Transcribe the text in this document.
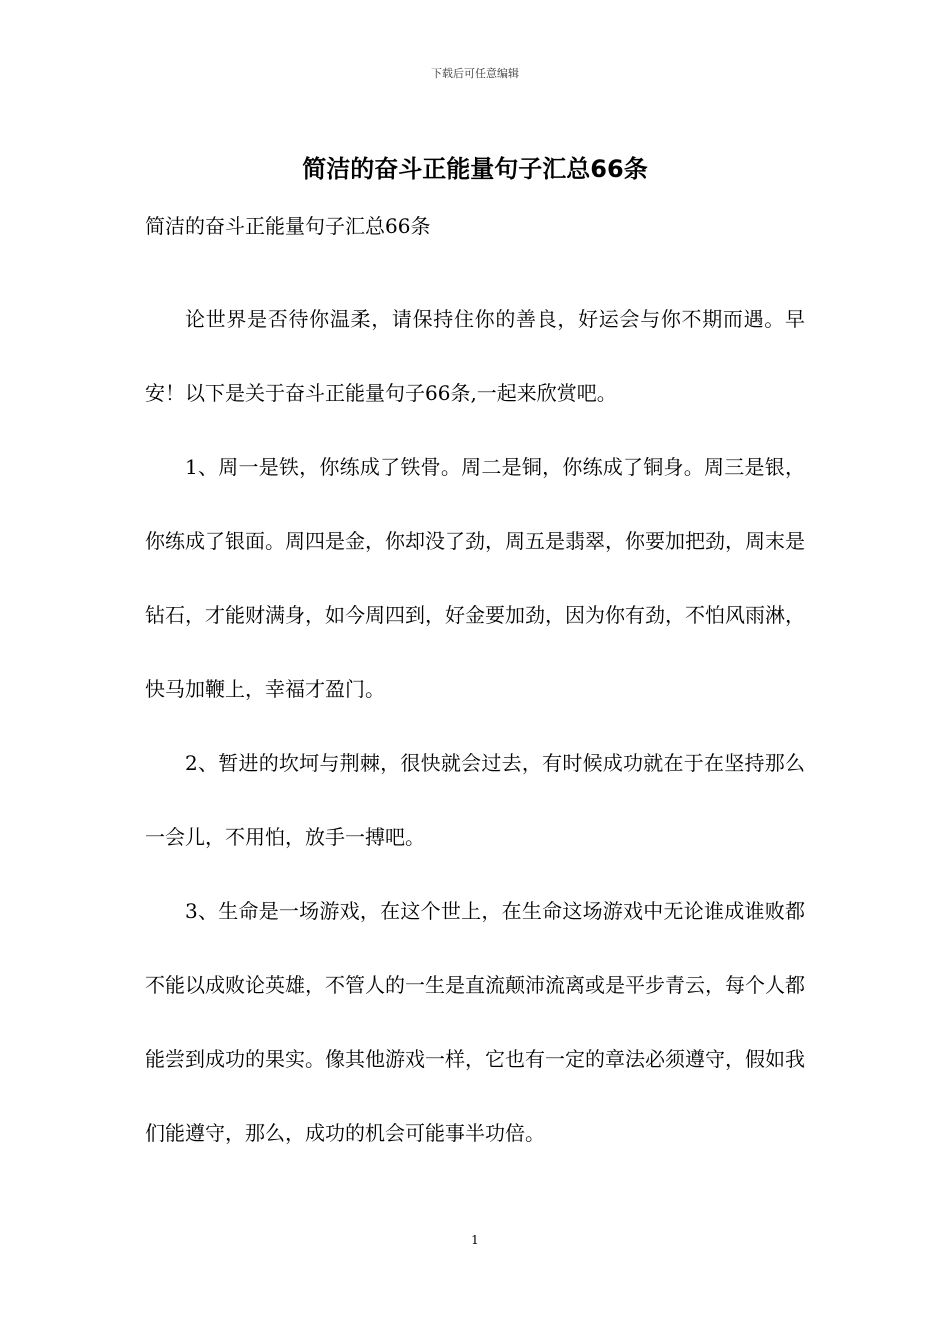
下载后可任意编辑
简洁的奋斗正能量句子汇总66条
简洁的奋斗正能量句子汇总66条

论世界是否待你温柔，请保持住你的善良，好运会与你不期而遇。早安！以下是关于奋斗正能量句子66条,一起来欣赏吧。

1、周一是铁，你练成了铁骨。周二是铜，你练成了铜身。周三是银，你练成了银面。周四是金，你却没了劲，周五是翡翠，你要加把劲，周末是钻石，才能财满身，如今周四到，好金要加劲，因为你有劲，不怕风雨淋，快马加鞭上，幸福才盈门。

2、暂进的坎坷与荆棘，很快就会过去，有时候成功就在于在坚持那么一会儿，不用怕，放手一搏吧。

3、生命是一场游戏，在这个世上，在生命这场游戏中无论谁成谁败都不能以成败论英雄，不管人的一生是直流颠沛流离或是平步青云，每个人都能尝到成功的果实。像其他游戏一样，它也有一定的章法必须遵守，假如我们能遵守，那么，成功的机会可能事半功倍。

1
